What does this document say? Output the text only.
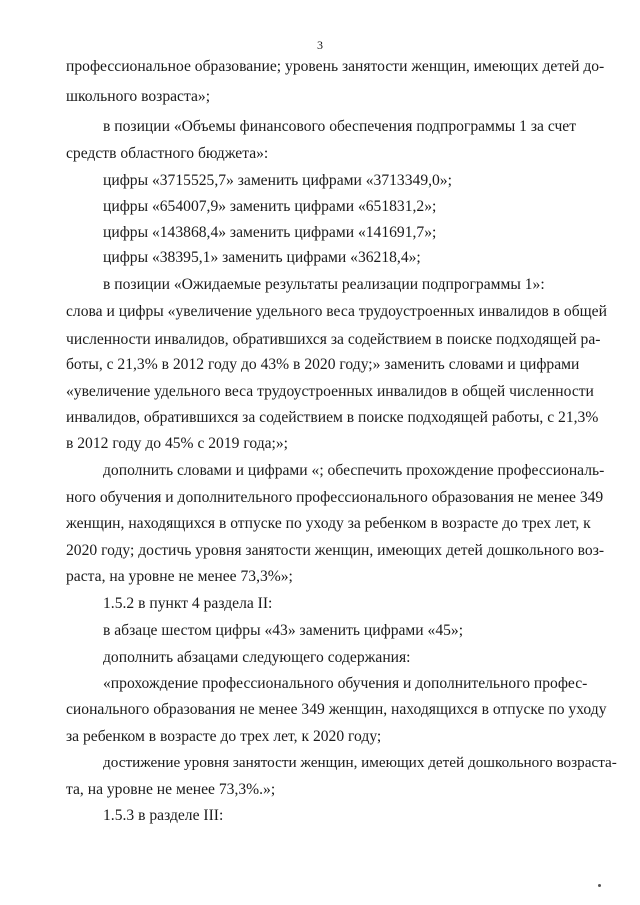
3
профессиональное образование; уровень занятости женщин, имеющих детей до-
школьного возраста»;
в позиции «Объемы финансового обеспечения подпрограммы 1 за счет
средств областного бюджета»:
цифры «3715525,7» заменить цифрами «3713349,0»;
цифры «654007,9» заменить цифрами «651831,2»;
цифры «143868,4» заменить цифрами «141691,7»;
цифры «38395,1» заменить цифрами «36218,4»;
в позиции «Ожидаемые результаты реализации подпрограммы 1»:
слова и цифры «увеличение удельного веса трудоустроенных инвалидов в общей
численности инвалидов, обратившихся за содействием в поиске подходящей ра-
боты, с 21,3% в 2012 году до 43% в 2020 году;» заменить словами и цифрами
«увеличение удельного веса трудоустроенных инвалидов в общей численности
инвалидов, обратившихся за содействием в поиске подходящей работы, с 21,3%
в 2012 году до 45% с 2019 года;»;
дополнить словами и цифрами «; обеспечить прохождение профессиональ-
ного обучения и дополнительного профессионального образования не менее 349
женщин, находящихся в отпуске по уходу за ребенком в возрасте до трех лет, к
2020 году; достичь уровня занятости женщин, имеющих детей дошкольного воз-
раста, на уровне не менее 73,3%»;
1.5.2 в пункт 4 раздела II:
в абзаце шестом цифры «43» заменить цифрами «45»;
дополнить абзацами следующего содержания:
«прохождение профессионального обучения и дополнительного профес-
сионального образования не менее 349 женщин, находящихся в отпуске по уходу
за ребенком в возрасте до трех лет, к 2020 году;
достижение уровня занятости женщин, имеющих детей дошкольного возраста-
та, на уровне не менее 73,3%.»;
1.5.3 в разделе III:
